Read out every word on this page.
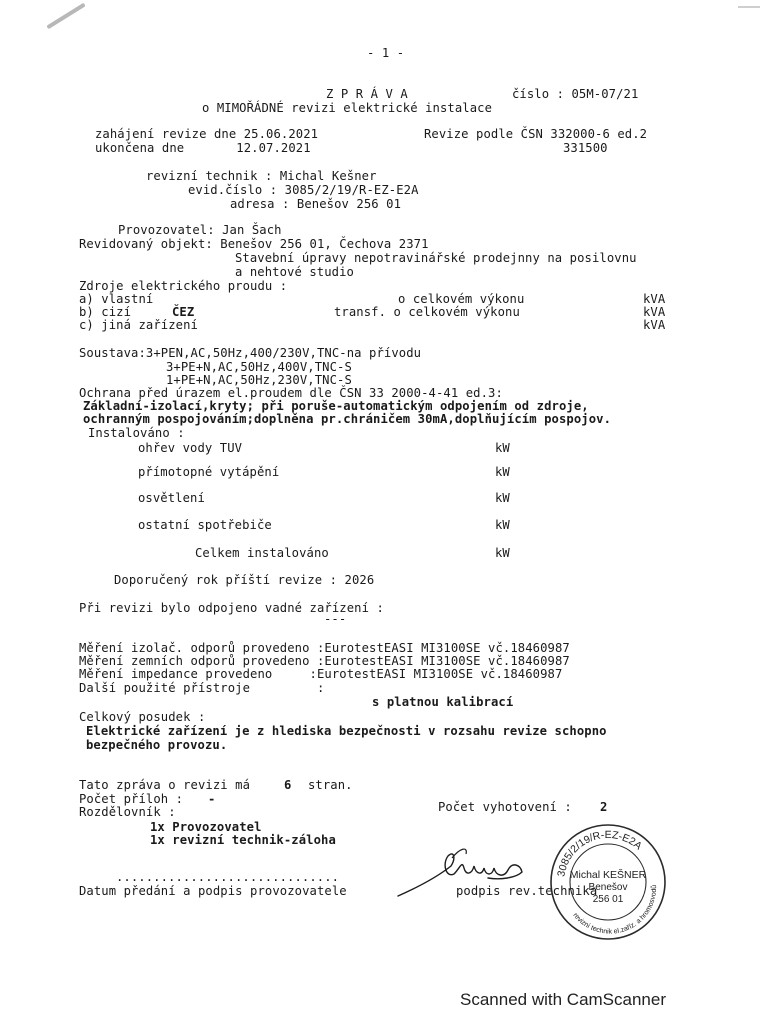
- 1 -
Z P R Á V A	číslo : 05M-07/21
o MIMOŘÁDNÉ revizi elektrické instalace
zahájení revize dne 25.06.2021	Revize podle ČSN 332000-6 ed.2
ukončena dne       12.07.2021	331500
revizní technik : Michal Kešner
evid.číslo : 3085/2/19/R-EZ-E2A
adresa : Benešov 256 01
Provozovatel: Jan Šach
Revidovaný objekt: Benešov 256 01, Čechova 2371
Stavební úpravy nepotravinářské prodejnny na posilovnu
a nehtové studio
Zdroje elektrického proudu :
a) vlastní	o celkovém výkonu	kVA
b) cizí	ČEZ	transf. o celkovém výkonu	kVA
c) jiná zařízení	kVA
Soustava:3+PEN,AC,50Hz,400/230V,TNC-na přívodu
3+PE+N,AC,50Hz,400V,TNC-S
1+PE+N,AC,50Hz,230V,TNC-S
Ochrana před úrazem el.proudem dle ČSN 33 2000-4-41 ed.3:
Základní-izolací,kryty; při poruše-automatickým odpojením od zdroje,
ochranným pospojováním;doplněna pr.chráničem 30mA,doplňujícím pospojov.
Instalováno :
ohřev vody TUV	kW
přímotopné vytápění	kW
osvětlení	kW
ostatní spotřebiče	kW
Celkem instalováno	kW
Doporučený rok příští revize : 2026
Při revizi bylo odpojeno vadné zařízení :
---
Měření izolač. odporů provedeno :EurotestEASI MI3100SE vč.18460987
Měření zemních odporů provedeno :EurotestEASI MI3100SE vč.18460987
Měření impedance provedeno     :EurotestEASI MI3100SE vč.18460987
Další použité přístroje         :
s platnou kalibrací
Celkový posudek :
Elektrické zařízení je z hlediska bezpečnosti v rozsahu revize schopno
bezpečného provozu.
Tato zpráva o revizi má	6 stran.
Počet příloh : -
Rozdělovník :	Počet vyhotovení : 2
1x Provozovatel
1x revizní technik-záloha
..............................
Datum předání a podpis provozovatele	podpis rev.technika
3085/2/19/R-EZ-E2A
revizní technik el.zaříz. a hromosvodů
Michal KEŠNER
Benešov
256 01
Scanned with CamScanner
